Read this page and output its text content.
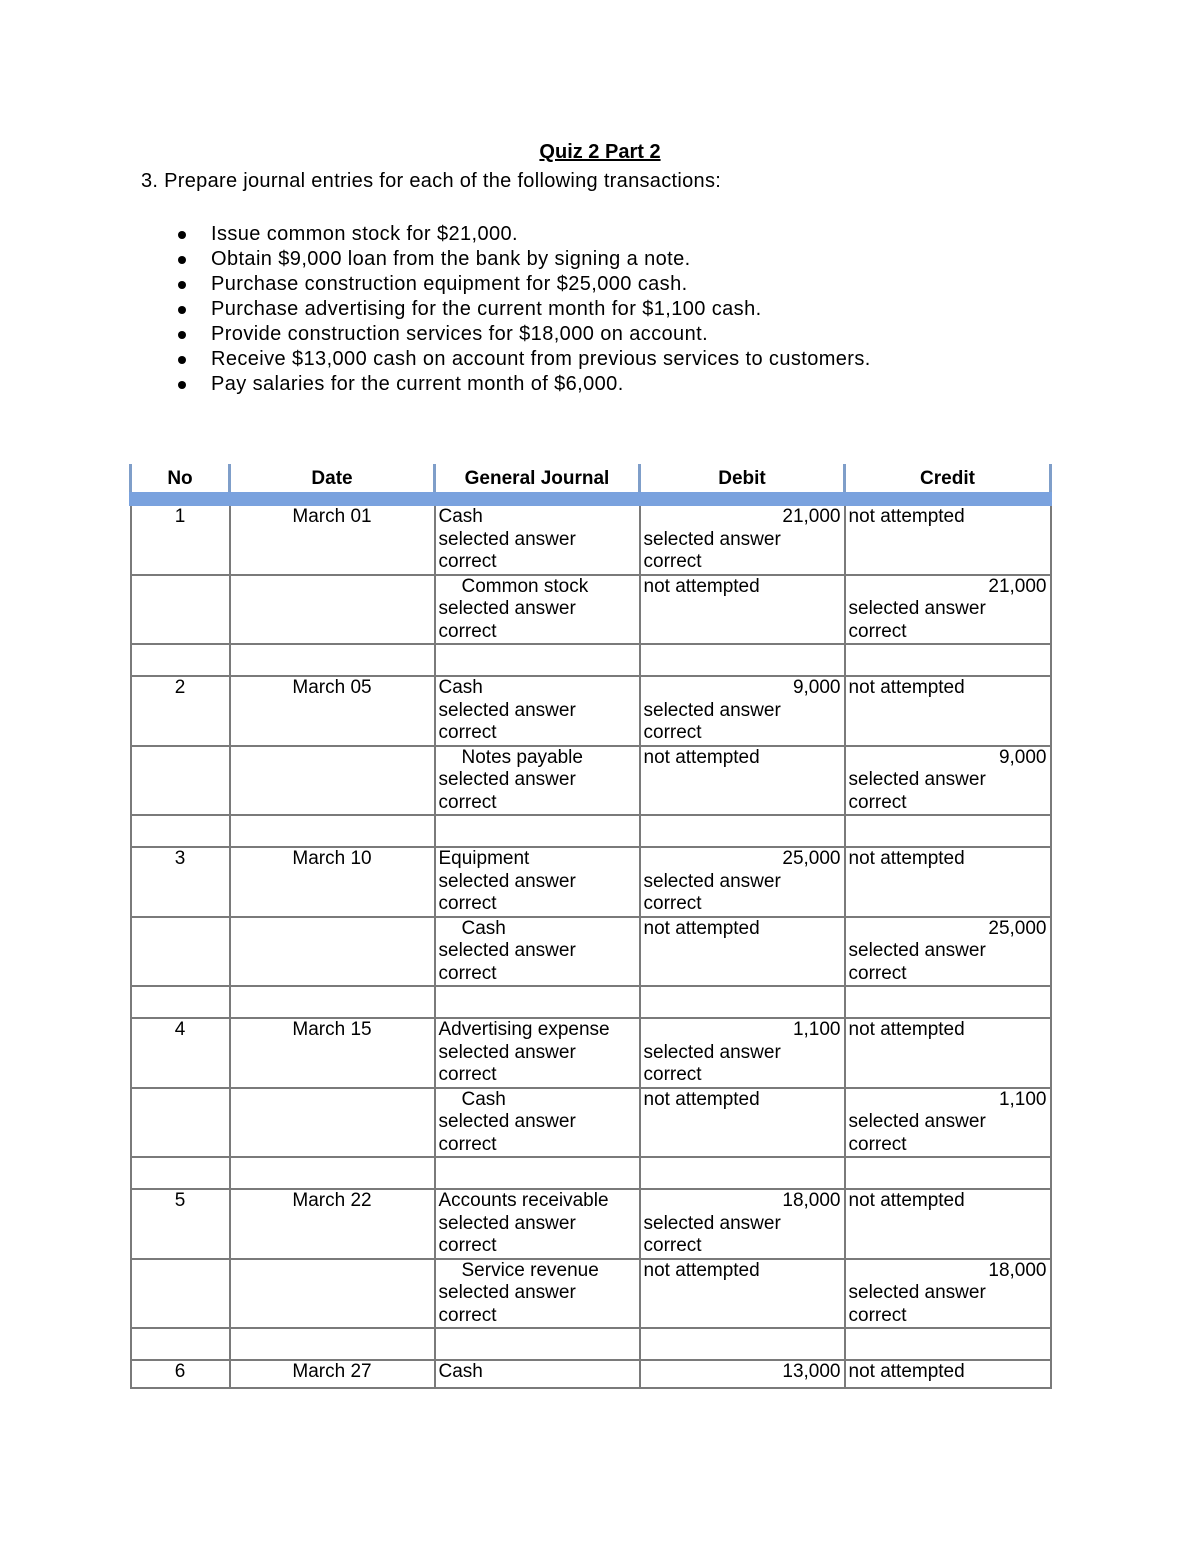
Quiz 2 Part 2
3. Prepare journal entries for each of the following transactions:
Issue common stock for $21,000.
Obtain $9,000 loan from the bank by signing a note.
Purchase construction equipment for $25,000 cash.
Purchase advertising for the current month for $1,100 cash.
Provide construction services for $18,000 on account.
Receive $13,000 cash on account from previous services to customers.
Pay salaries for the current month of $6,000.
No	Date	General Journal	Debit	Credit
1	March 01	Cash
selected answer
correct	21,000
selected answer
correct	not attempted
		Common stock
selected answer
correct	not attempted	21,000
selected answer
correct

2	March 05	Cash
selected answer
correct	9,000
selected answer
correct	not attempted
		Notes payable
selected answer
correct	not attempted	9,000
selected answer
correct

3	March 10	Equipment
selected answer
correct	25,000
selected answer
correct	not attempted
		Cash
selected answer
correct	not attempted	25,000
selected answer
correct

4	March 15	Advertising expense
selected answer
correct	1,100
selected answer
correct	not attempted
		Cash
selected answer
correct	not attempted	1,100
selected answer
correct

5	March 22	Accounts receivable
selected answer
correct	18,000
selected answer
correct	not attempted
		Service revenue
selected answer
correct	not attempted	18,000
selected answer
correct

6	March 27	Cash	13,000	not attempted
